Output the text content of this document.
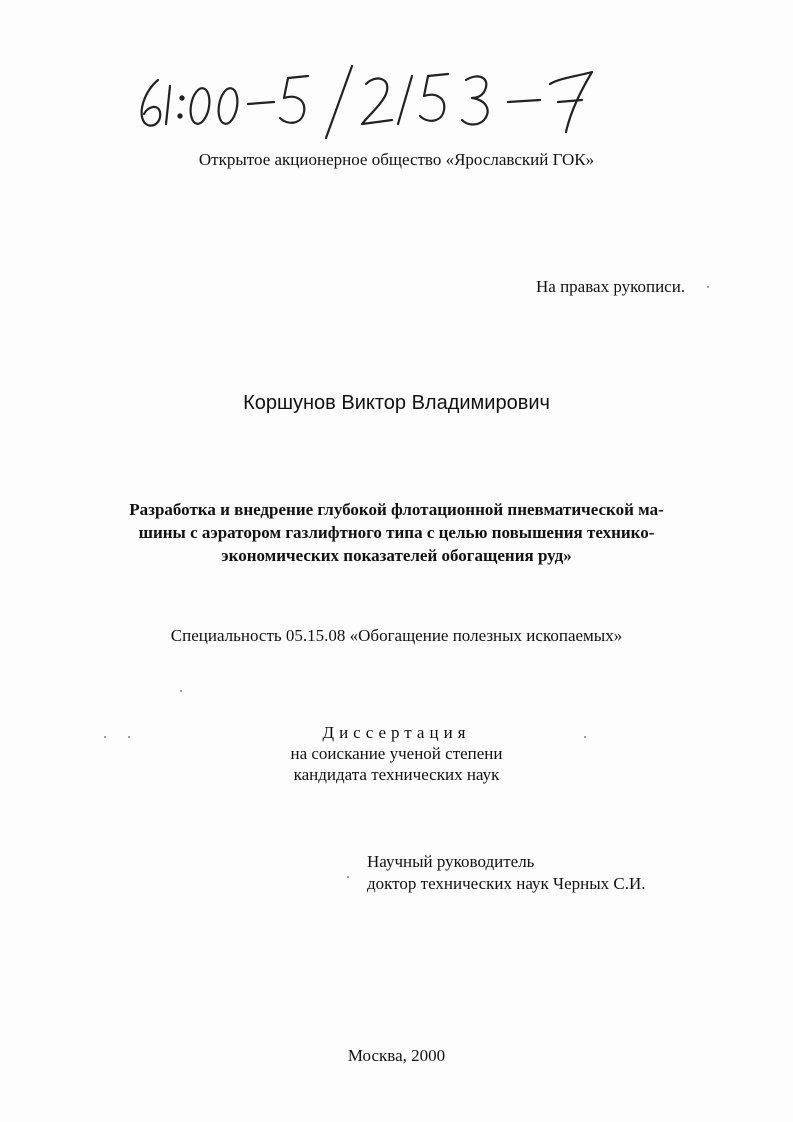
Открытое акционерное общество «Ярославский ГОК»
На правах рукописи.
Коршунов Виктор Владимирович
Разработка и внедрение глубокой флотационной пневматической ма-
шины с аэратором газлифтного типа с целью повышения технико-
экономических показателей обогащения руд»
Специальность 05.15.08 «Обогащение полезных ископаемых»
Диссертация
на соискание ученой степени
кандидата технических наук
Научный руководитель
доктор технических наук Черных С.И.
Москва, 2000
